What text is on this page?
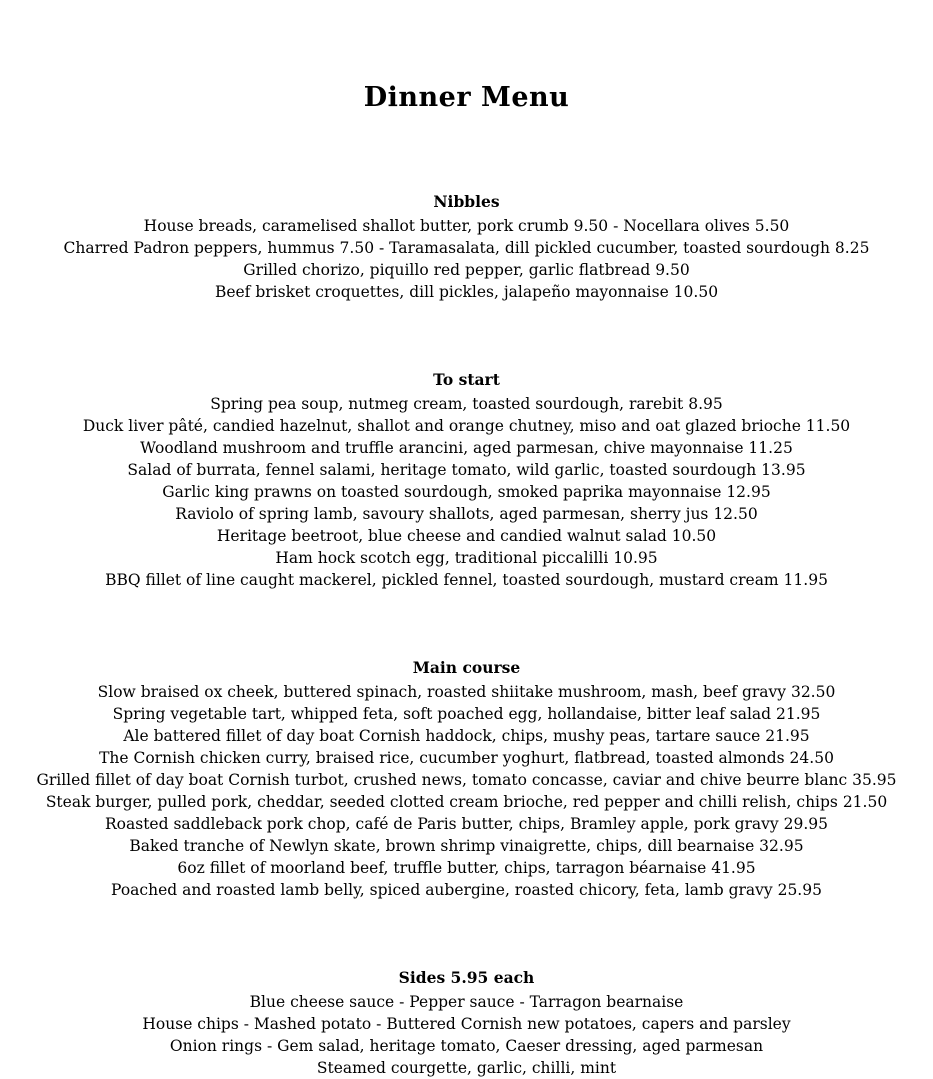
Dinner Menu
Nibbles

House breads, caramelised shallot butter, pork crumb 9.50 - Nocellara olives 5.50

Charred Padron peppers, hummus 7.50 - Taramasalata, dill pickled cucumber, toasted sourdough 8.25

Grilled chorizo, piquillo red pepper, garlic flatbread 9.50

Beef brisket croquettes, dill pickles, jalapeño mayonnaise 10.50

To start

Spring pea soup, nutmeg cream, toasted sourdough, rarebit 8.95

Duck liver pâté, candied hazelnut, shallot and orange chutney, miso and oat glazed brioche 11.50

Woodland mushroom and truffle arancini, aged parmesan, chive mayonnaise 11.25

Salad of burrata, fennel salami, heritage tomato, wild garlic, toasted sourdough 13.95

Garlic king prawns on toasted sourdough, smoked paprika mayonnaise 12.95

Raviolo of spring lamb, savoury shallots, aged parmesan, sherry jus 12.50

Heritage beetroot, blue cheese and candied walnut salad 10.50

Ham hock scotch egg, traditional piccalilli 10.95

BBQ fillet of line caught mackerel, pickled fennel, toasted sourdough, mustard cream 11.95

Main course

Slow braised ox cheek, buttered spinach, roasted shiitake mushroom, mash, beef gravy 32.50

Spring vegetable tart, whipped feta, soft poached egg, hollandaise, bitter leaf salad 21.95

Ale battered fillet of day boat Cornish haddock, chips, mushy peas, tartare sauce 21.95

The Cornish chicken curry, braised rice, cucumber yoghurt, flatbread, toasted almonds 24.50

Grilled fillet of day boat Cornish turbot, crushed news, tomato concasse, caviar and chive beurre blanc 35.95

Steak burger, pulled pork, cheddar, seeded clotted cream brioche, red pepper and chilli relish, chips 21.50

Roasted saddleback pork chop, café de Paris butter, chips, Bramley apple, pork gravy 29.95

Baked tranche of Newlyn skate, brown shrimp vinaigrette, chips, dill bearnaise 32.95

6oz fillet of moorland beef, truffle butter, chips, tarragon béarnaise 41.95

Poached and roasted lamb belly, spiced aubergine, roasted chicory, feta, lamb gravy 25.95

Sides 5.95 each

Blue cheese sauce - Pepper sauce - Tarragon bearnaise

House chips - Mashed potato - Buttered Cornish new potatoes, capers and parsley

Onion rings - Gem salad, heritage tomato, Caeser dressing, aged parmesan

Steamed courgette, garlic, chilli, mint
